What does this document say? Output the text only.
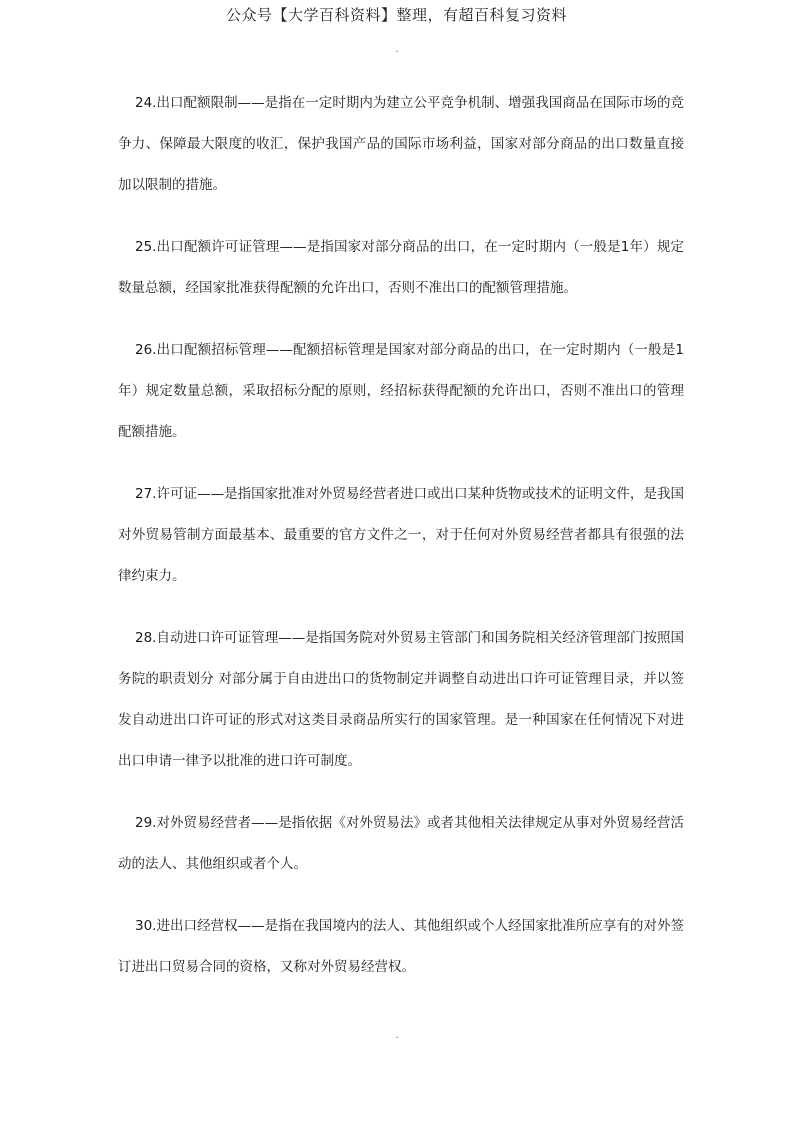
公众号【大学百科资料】整理，有超百科复习资料
.

24.出口配额限制——是指在一定时期内为建立公平竞争机制、增强我国商品在国际市场的竞争力、保障最大限度的收汇，保护我国产品的国际市场利益，国家对部分商品的出口数量直接加以限制的措施。

25.出口配额许可证管理——是指国家对部分商品的出口，在一定时期内（一般是1年）规定数量总额，经国家批准获得配额的允许出口，否则不准出口的配额管理措施。

26.出口配额招标管理——配额招标管理是国家对部分商品的出口，在一定时期内（一般是1年）规定数量总额，采取招标分配的原则，经招标获得配额的允许出口，否则不准出口的管理配额措施。

27.许可证——是指国家批准对外贸易经营者进口或出口某种货物或技术的证明文件，是我国对外贸易管制方面最基本、最重要的官方文件之一，对于任何对外贸易经营者都具有很强的法律约束力。

28.自动进口许可证管理——是指国务院对外贸易主管部门和国务院相关经济管理部门按照国务院的职责划分 对部分属于自由进出口的货物制定并调整自动进出口许可证管理目录，并以签发自动进出口许可证的形式对这类目录商品所实行的国家管理。是一种国家在任何情况下对进出口申请一律予以批准的进口许可制度。

29.对外贸易经营者——是指依据《对外贸易法》或者其他相关法律规定从事对外贸易经营活动的法人、其他组织或者个人。

30.进出口经营权——是指在我国境内的法人、其他组织或个人经国家批准所应享有的对外签订进出口贸易合同的资格，又称对外贸易经营权。

.
